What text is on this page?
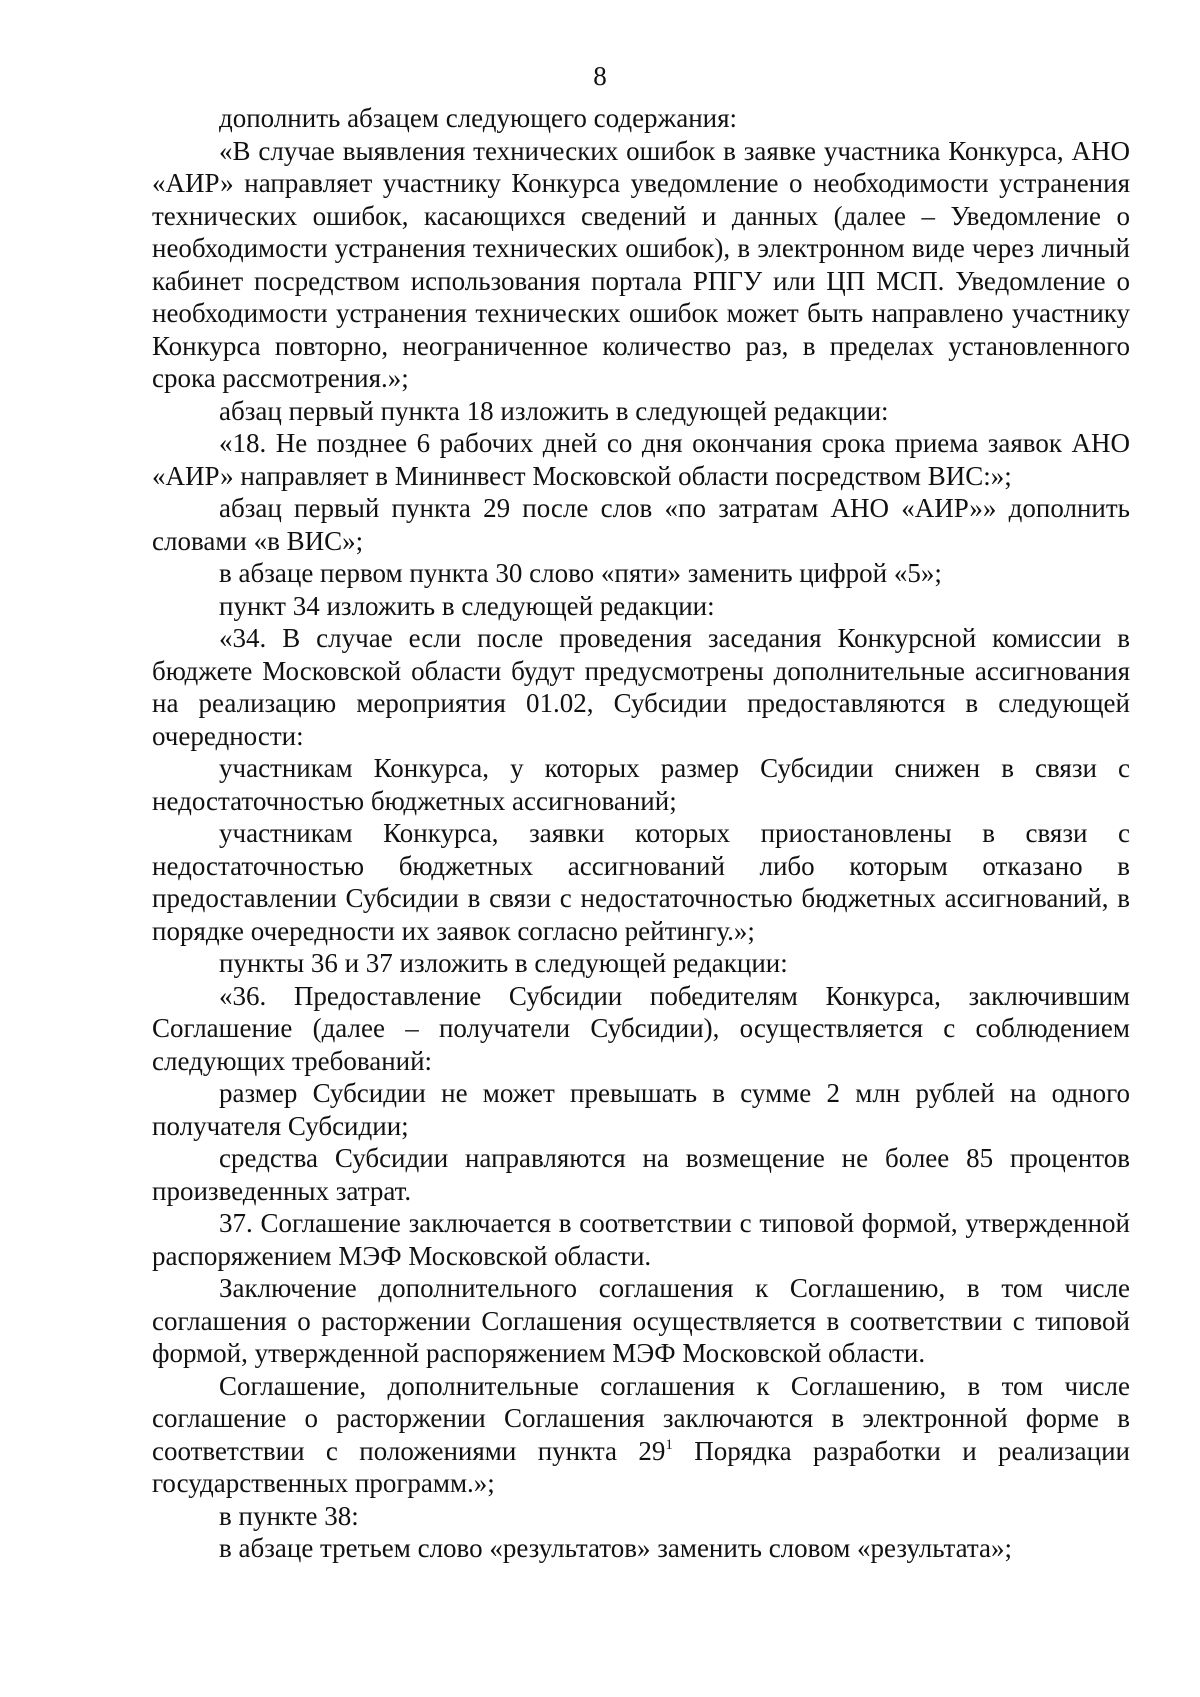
8

дополнить абзацем следующего содержания:

«В случае выявления технических ошибок в заявке участника Конкурса, АНО «АИР» направляет участнику Конкурса уведомление о необходимости устранения технических ошибок, касающихся сведений и данных (далее – Уведомление о необходимости устранения технических ошибок), в электронном виде через личный кабинет посредством использования портала РПГУ или ЦП МСП. Уведомление о необходимости устранения технических ошибок может быть направлено участнику Конкурса повторно, неограниченное количество раз, в пределах установленного срока рассмотрения.»;

абзац первый пункта 18 изложить в следующей редакции:

«18. Не позднее 6 рабочих дней со дня окончания срока приема заявок АНО «АИР» направляет в Мининвест Московской области посредством ВИС:»;

абзац первый пункта 29 после слов «по затратам АНО «АИР»» дополнить словами «в ВИС»;

в абзаце первом пункта 30 слово «пяти» заменить цифрой «5»;

пункт 34 изложить в следующей редакции:

«34. В случае если после проведения заседания Конкурсной комиссии в бюджете Московской области будут предусмотрены дополнительные ассигнования на реализацию мероприятия 01.02, Субсидии предоставляются в следующей очередности:

участникам Конкурса, у которых размер Субсидии снижен в связи с недостаточностью бюджетных ассигнований;

участникам Конкурса, заявки которых приостановлены в связи с недостаточностью бюджетных ассигнований либо которым отказано в предоставлении Субсидии в связи с недостаточностью бюджетных ассигнований, в порядке очередности их заявок согласно рейтингу.»;

пункты 36 и 37 изложить в следующей редакции:

«36. Предоставление Субсидии победителям Конкурса, заключившим Соглашение (далее – получатели Субсидии), осуществляется с соблюдением следующих требований:

размер Субсидии не может превышать в сумме 2 млн рублей на одного получателя Субсидии;

средства Субсидии направляются на возмещение не более 85 процентов произведенных затрат.

37. Соглашение заключается в соответствии с типовой формой, утвержденной распоряжением МЭФ Московской области.

Заключение дополнительного соглашения к Соглашению, в том числе соглашения о расторжении Соглашения осуществляется в соответствии с типовой формой, утвержденной распоряжением МЭФ Московской области.

Соглашение, дополнительные соглашения к Соглашению, в том числе соглашение о расторжении Соглашения заключаются в электронной форме в соответствии с положениями пункта $29^1$ Порядка разработки и реализации государственных программ.»;

в пункте 38:

в абзаце третьем слово «результатов» заменить словом «результата»;
